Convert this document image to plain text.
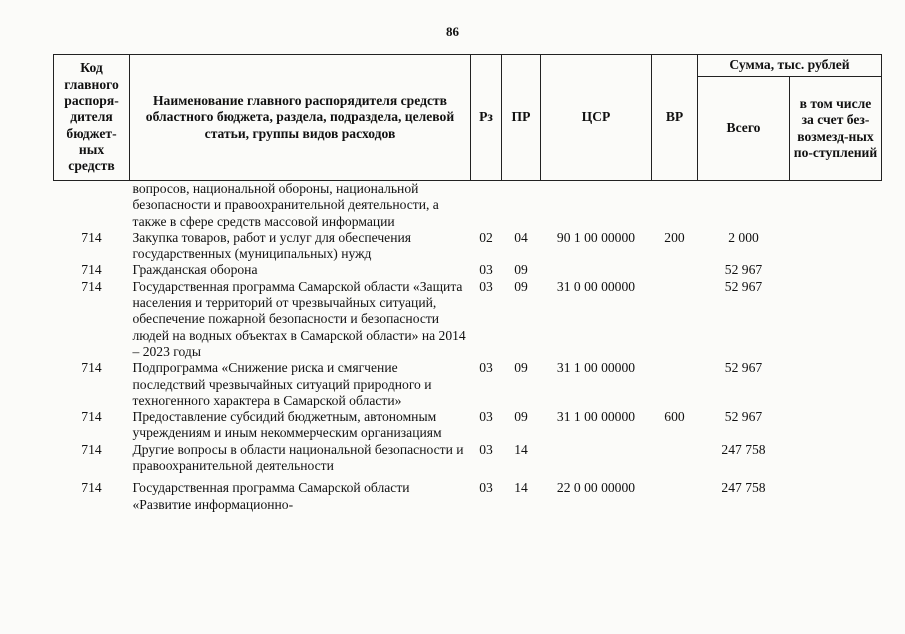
86
Код главного распоря-дителя бюджет-ных средств	Наименование главного распорядителя средств областного бюджета, раздела, подраздела, целевой статьи, группы видов расходов	Рз	ПР	ЦСР	ВР	Сумма, тыс. рублей	
						Всего	в том числе за счет без-возмезд-ных по-ступлений
	вопросов, национальной обороны, национальной безопасности и правоохранительной деятельности, а также в сфере средств массовой информации						
714	Закупка товаров, работ и услуг для обеспечения государственных (муниципальных) нужд	02	04	90 1 00 00000	200	2 000	
714	Гражданская оборона	03	09			52 967	
714	Государственная программа Самарской области «Защита населения и территорий от чрезвычайных ситуаций, обеспечение пожарной безопасности и безопасности людей на водных объектах в Самарской области» на 2014 – 2023 годы	03	09	31 0 00 00000		52 967	
714	Подпрограмма «Снижение риска и смягчение последствий чрезвычайных ситуаций природного и техногенного характера в Самарской области»	03	09	31 1 00 00000		52 967	
714	Предоставление субсидий бюджетным, автономным учреждениям и иным некоммерческим организациям	03	09	31 1 00 00000	600	52 967	
714	Другие вопросы в области национальной безопасности и правоохранительной деятельности	03	14			247 758	

714	Государственная программа Самарской области «Развитие информационно-	03	14	22 0 00 00000		247 758	
